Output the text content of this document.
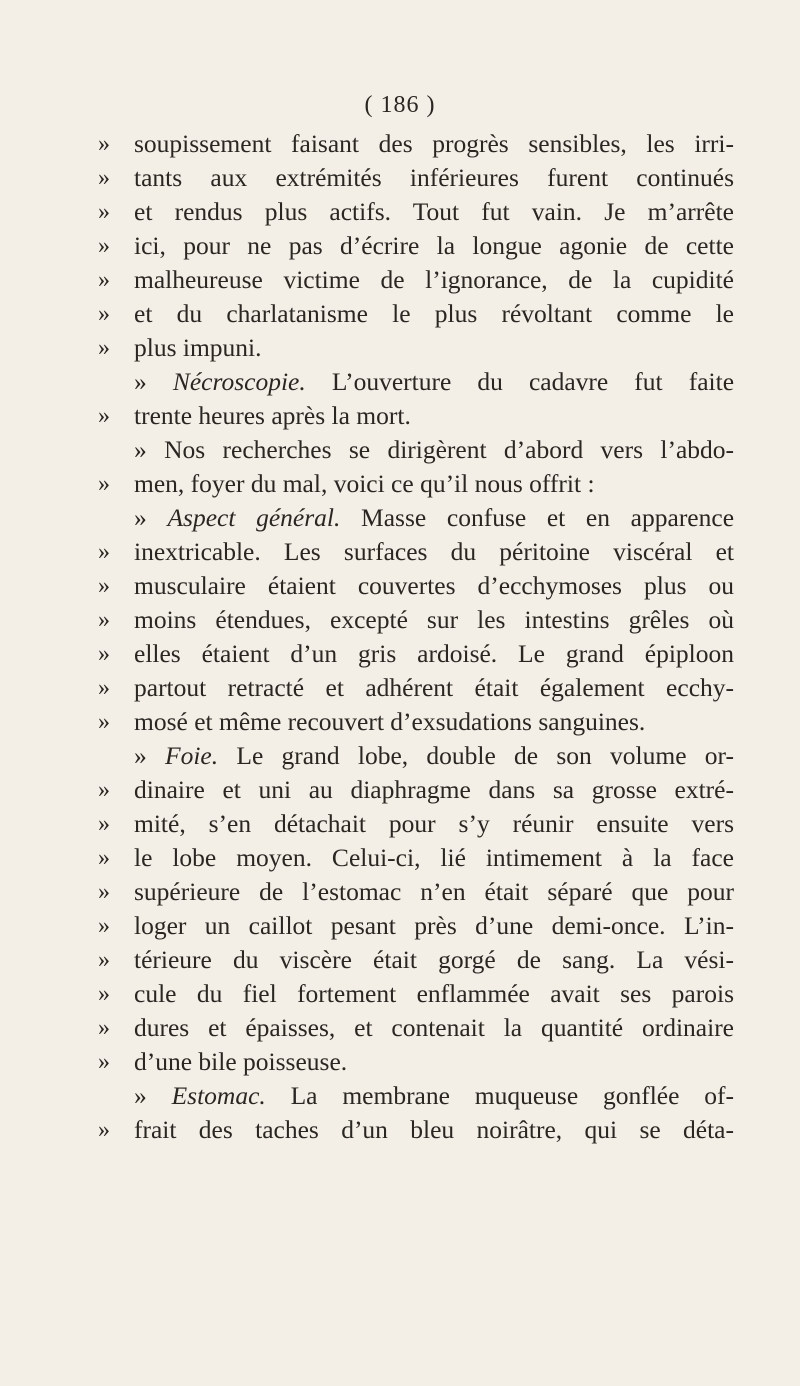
( 186 )
» soupissement faisant des progrès sensibles, les irri-
» tants aux extrémités inférieures furent continués
» et rendus plus actifs. Tout fut vain. Je m’arrête
» ici, pour ne pas d’écrire la longue agonie de cette
» malheureuse victime de l’ignorance, de la cupidité
» et du charlatanisme le plus révoltant comme le
» plus impuni.
» Nécroscopie. L’ouverture du cadavre fut faite
» trente heures après la mort.
» Nos recherches se dirigèrent d’abord vers l’abdo-
» men, foyer du mal, voici ce qu’il nous offrit :
» Aspect général. Masse confuse et en apparence
» inextricable. Les surfaces du péritoine viscéral et
» musculaire étaient couvertes d’ecchymoses plus ou
» moins étendues, excepté sur les intestins grêles où
» elles étaient d’un gris ardoisé. Le grand épiploon
» partout retracté et adhérent était également ecchy-
» mosé et même recouvert d’exsudations sanguines.
» Foie. Le grand lobe, double de son volume or-
» dinaire et uni au diaphragme dans sa grosse extré-
» mité, s’en détachait pour s’y réunir ensuite vers
» le lobe moyen. Celui-ci, lié intimement à la face
» supérieure de l’estomac n’en était séparé que pour
» loger un caillot pesant près d’une demi-once. L’in-
» térieure du viscère était gorgé de sang. La vési-
» cule du fiel fortement enflammée avait ses parois
» dures et épaisses, et contenait la quantité ordinaire
» d’une bile poisseuse.
» Estomac. La membrane muqueuse gonflée of-
» frait des taches d’un bleu noirâtre, qui se déta-
